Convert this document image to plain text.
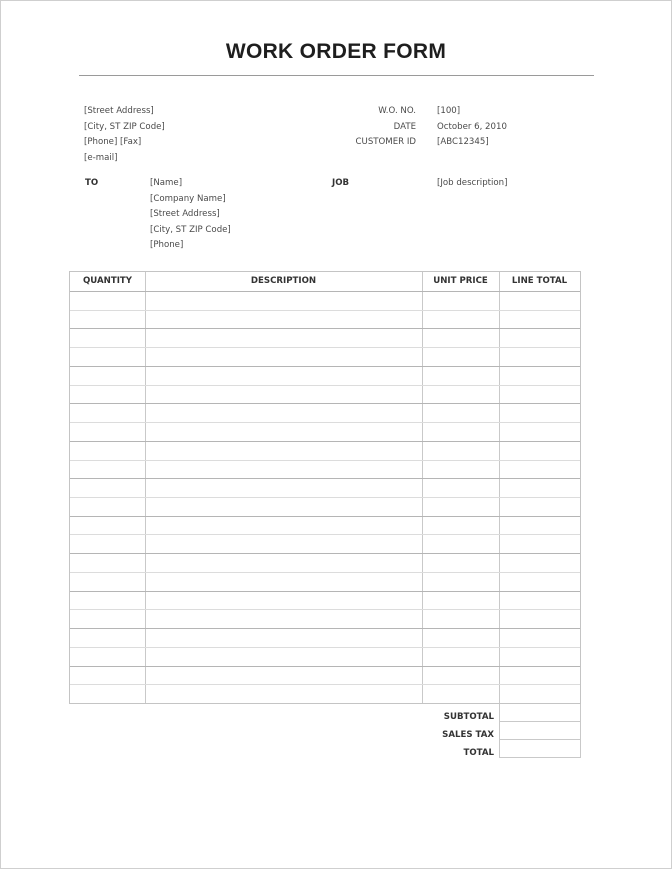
WORK ORDER FORM
[Street Address]
[City, ST ZIP Code]
[Phone] [Fax]
[e-mail]
W.O. NO. [100]
DATE October 6, 2010
CUSTOMER ID [ABC12345]
TO	[Name]
[Company Name]
[Street Address]
[City, ST ZIP Code]
[Phone]
JOB	[Job description]
QUANTITY	DESCRIPTION	UNIT PRICE	LINE TOTAL
SUBTOTAL
SALES TAX
TOTAL
